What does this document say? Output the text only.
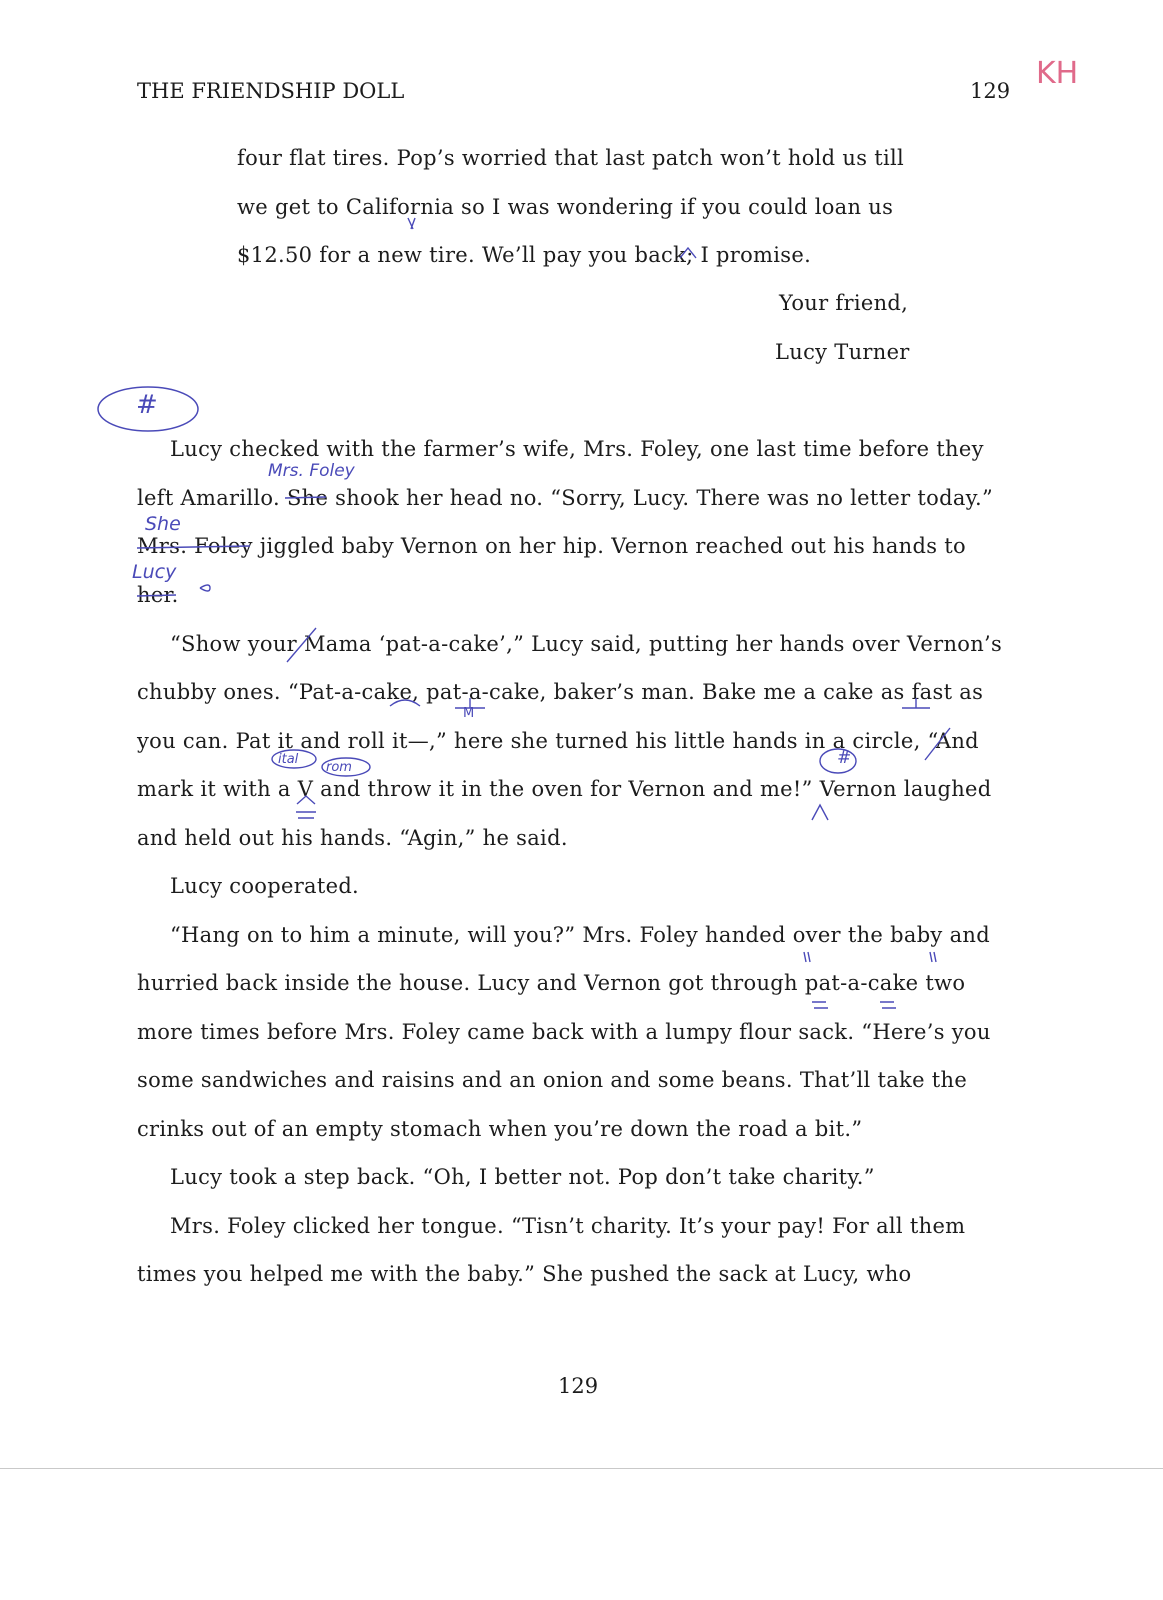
THE FRIENDSHIP DOLL	129 KH
four flat tires. Pop’s worried that last patch won’t hold us till
we get to California so I was wondering if you could loan us
$12.50 for a new tire. We’ll pay you back; I promise.
Your friend,
Lucy Turner
#
Lucy checked with the farmer’s wife, Mrs. Foley, one last time before they
Mrs. Foley
left Amarillo. She shook her head no. “Sorry, Lucy. There was no letter today.”
She
Mrs. Foley jiggled baby Vernon on her hip. Vernon reached out his hands to
Lucy
her.
“Show your Mama ‘pat-a-cake’,” Lucy said, putting her hands over Vernon’s
chubby ones. “Pat-a-cake, pat-a-cake, baker’s man. Bake me a cake as fast as
M
you can. Pat it and roll it—,” here she turned his little hands in a circle, “And
ital
rom	#
mark it with a V and throw it in the oven for Vernon and me!” Vernon laughed
and held out his hands. “Agin,” he said.
Lucy cooperated.
“Hang on to him a minute, will you?” Mrs. Foley handed over the baby and
hurried back inside the house. Lucy and Vernon got through pat-a-cake two
more times before Mrs. Foley came back with a lumpy flour sack. “Here’s you
some sandwiches and raisins and an onion and some beans. That’ll take the
crinks out of an empty stomach when you’re down the road a bit.”
Lucy took a step back. “Oh, I better not. Pop don’t take charity.”
Mrs. Foley clicked her tongue. “Tisn’t charity. It’s your pay! For all them
times you helped me with the baby.” She pushed the sack at Lucy, who
129
